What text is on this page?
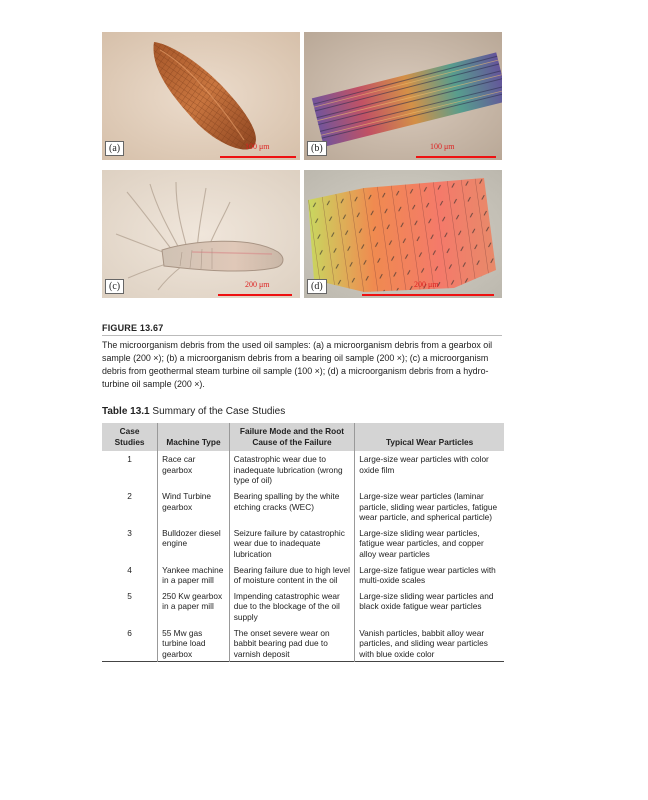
100 μm
(a)	100 μm
(b)
200 μm
(c)	200 μm
(d)
FIGURE 13.67
The microorganism debris from the used oil samples: (a) a microorganism debris from a gearbox oil sample (200 ×); (b) a microorganism debris from a bearing oil sample (200 ×); (c) a microorganism debris from geothermal steam turbine oil sample (100 ×); (d) a microorganism debris from a hydro-turbine oil sample (200 ×).
Table 13.1 Summary of the Case Studies
Case Studies	Machine Type	Failure Mode and the Root Cause of the Failure	Typical Wear Particles
1	Race car gearbox	Catastrophic wear due to inadequate lubrication (wrong type of oil)	Large-size wear particles with color oxide film
2	Wind Turbine gearbox	Bearing spalling by the white etching cracks (WEC)	Large-size wear particles (laminar particle, sliding wear particles, fatigue wear particle, and spherical particle)
3	Bulldozer diesel engine	Seizure failure by catastrophic wear due to inadequate lubrication	Large-size sliding wear particles, fatigue wear particles, and copper alloy wear particles
4	Yankee machine in a paper mill	Bearing failure due to high level of moisture content in the oil	Large-size fatigue wear particles with multi-oxide scales
5	250 Kw gearbox in a paper mill	Impending catastrophic wear due to the blockage of the oil supply	Large-size sliding wear particles and black oxide fatigue wear particles
6	55 Mw gas turbine load gearbox	The onset severe wear on babbit bearing pad due to varnish deposit	Vanish particles, babbit alloy wear particles, and sliding wear particles with blue oxide color
